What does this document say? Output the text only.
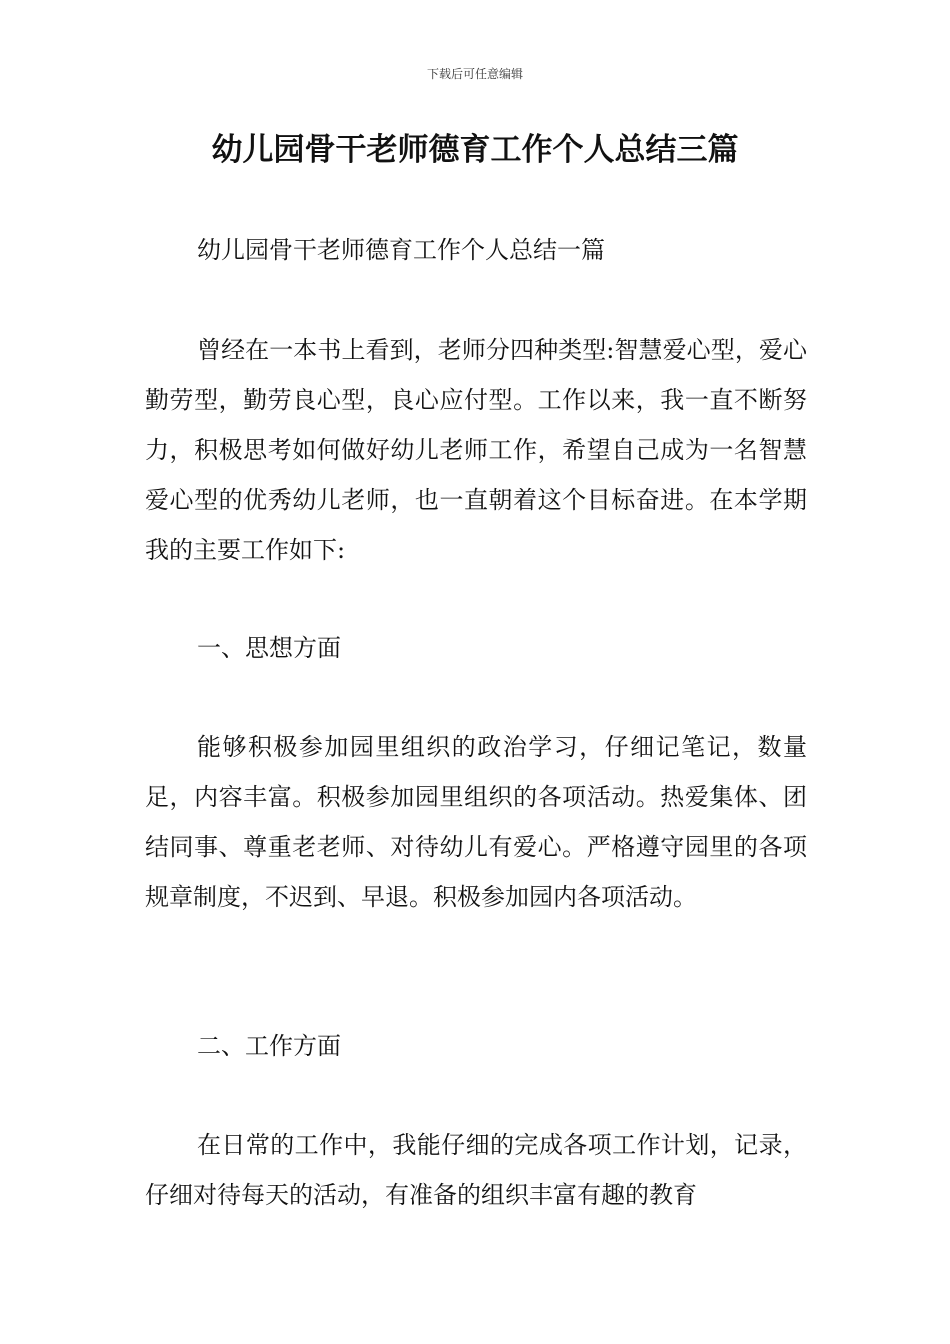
下载后可任意编辑
幼儿园骨干老师德育工作个人总结三篇

幼儿园骨干老师德育工作个人总结一篇

曾经在一本书上看到，老师分四种类型:智慧爱心型，爱心勤劳型，勤劳良心型，良心应付型。工作以来，我一直不断努力，积极思考如何做好幼儿老师工作，希望自己成为一名智慧爱心型的优秀幼儿老师，也一直朝着这个目标奋进。在本学期我的主要工作如下:

一、思想方面

能够积极参加园里组织的政治学习，仔细记笔记，数量足，内容丰富。积极参加园里组织的各项活动。热爱集体、团结同事、尊重老老师、对待幼儿有爱心。严格遵守园里的各项规章制度，不迟到、早退。积极参加园内各项活动。

二、工作方面

在日常的工作中，我能仔细的完成各项工作计划，记录，仔细对待每天的活动，有准备的组织丰富有趣的教育
